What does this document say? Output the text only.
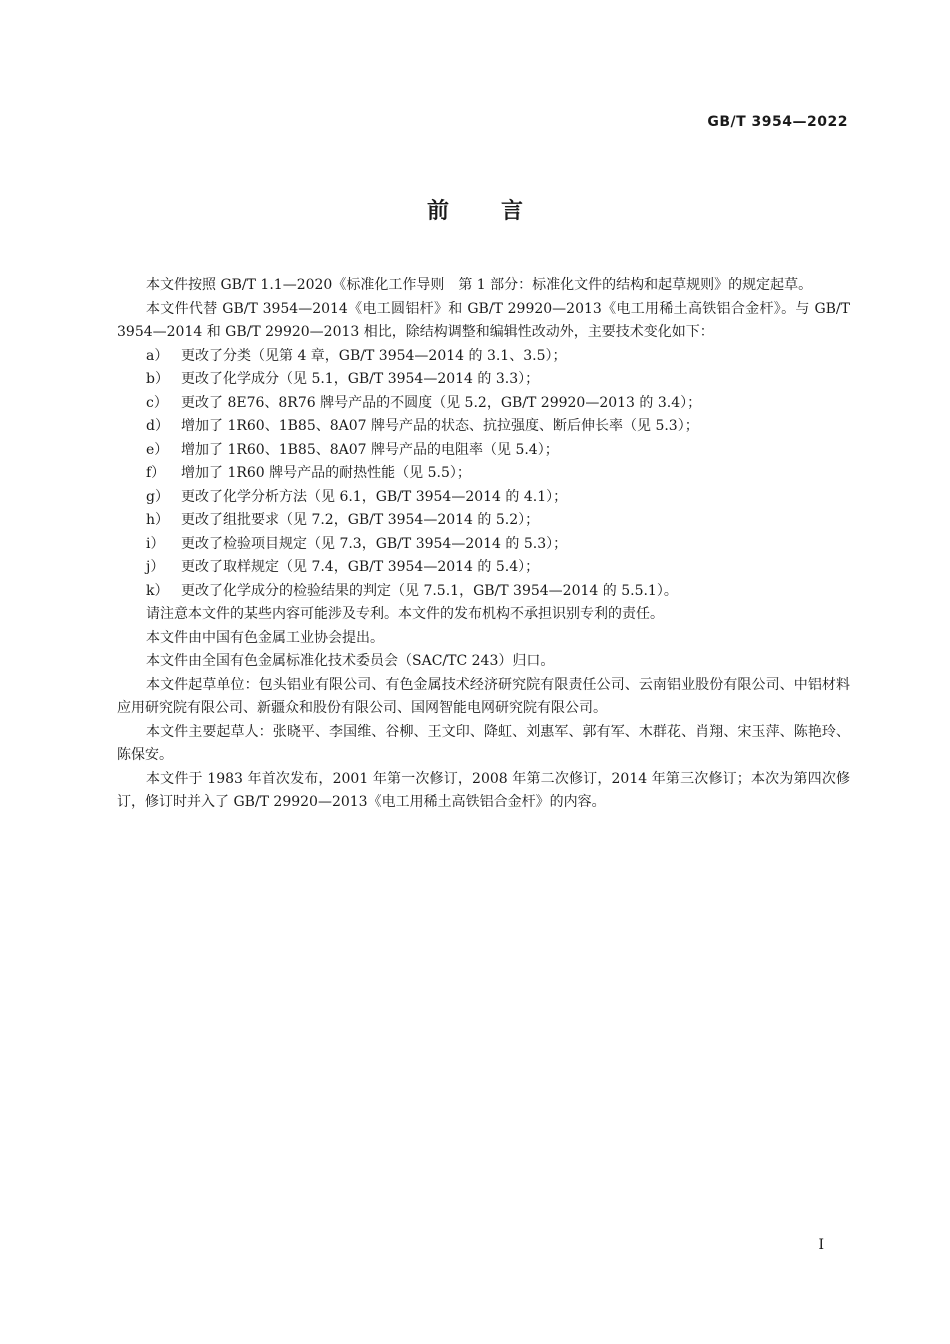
GB/T 3954—2022
前言

本文件按照 GB/T 1.1—2020《标准化工作导则　第 1 部分：标准化文件的结构和起草规则》的规定起草。

本文件代替 GB/T 3954—2014《电工圆铝杆》和 GB/T 29920—2013《电工用稀土高铁铝合金杆》。与 GB/T 3954—2014 和 GB/T 29920—2013 相比，除结构调整和编辑性改动外，主要技术变化如下：

a） 更改了分类（见第 4 章，GB/T 3954—2014 的 3.1、3.5）；

b） 更改了化学成分（见 5.1，GB/T 3954—2014 的 3.3）；

c） 更改了 8E76、8R76 牌号产品的不圆度（见 5.2，GB/T 29920—2013 的 3.4）；

d） 增加了 1R60、1B85、8A07 牌号产品的状态、抗拉强度、断后伸长率（见 5.3）；

e） 增加了 1R60、1B85、8A07 牌号产品的电阻率（见 5.4）；

f） 增加了 1R60 牌号产品的耐热性能（见 5.5）；

g） 更改了化学分析方法（见 6.1，GB/T 3954—2014 的 4.1）；

h） 更改了组批要求（见 7.2，GB/T 3954—2014 的 5.2）；

i） 更改了检验项目规定（见 7.3，GB/T 3954—2014 的 5.3）；

j） 更改了取样规定（见 7.4，GB/T 3954—2014 的 5.4）；

k） 更改了化学成分的检验结果的判定（见 7.5.1，GB/T 3954—2014 的 5.5.1）。

请注意本文件的某些内容可能涉及专利。本文件的发布机构不承担识别专利的责任。

本文件由中国有色金属工业协会提出。

本文件由全国有色金属标准化技术委员会（SAC/TC 243）归口。

本文件起草单位：包头铝业有限公司、有色金属技术经济研究院有限责任公司、云南铝业股份有限公司、中铝材料应用研究院有限公司、新疆众和股份有限公司、国网智能电网研究院有限公司。

本文件主要起草人：张晓平、李国维、谷柳、王文印、降虹、刘惠军、郭有军、木群花、肖翔、宋玉萍、陈艳玲、陈保安。

本文件于 1983 年首次发布，2001 年第一次修订，2008 年第二次修订，2014 年第三次修订；本次为第四次修订，修订时并入了 GB/T 29920—2013《电工用稀土高铁铝合金杆》的内容。

I
